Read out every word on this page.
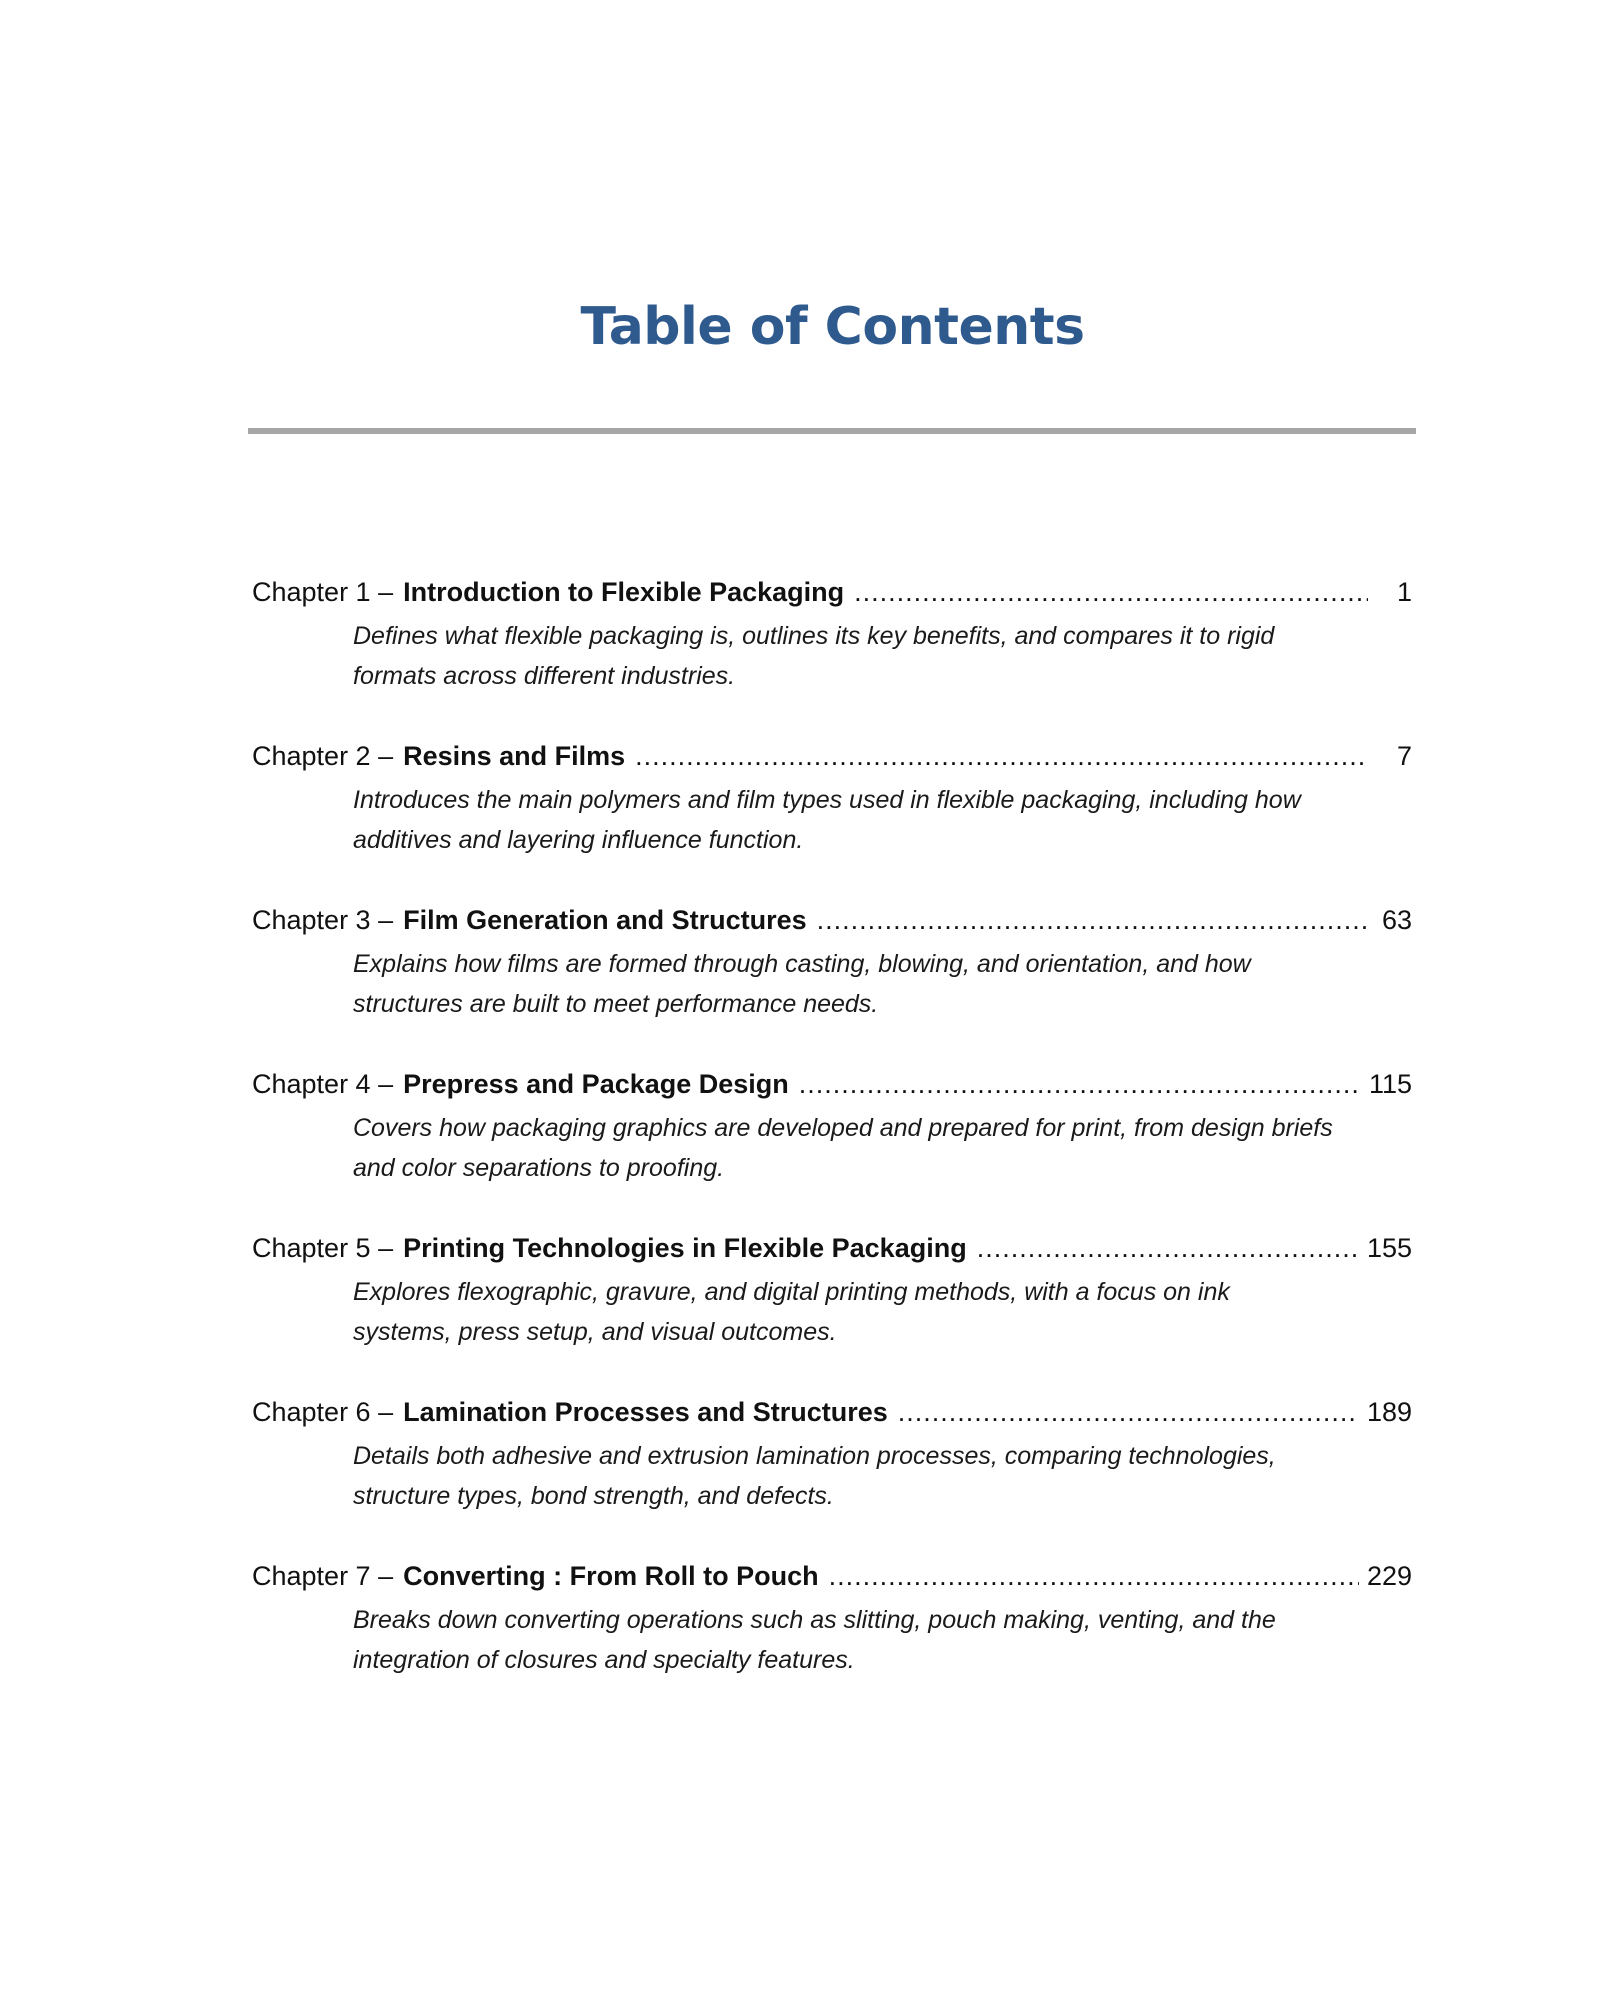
Table of Contents
Chapter 1 – Introduction to Flexible Packaging .....	1
Defines what flexible packaging is, outlines its key benefits, and compares it to rigid formats across different industries.
Chapter 2 – Resins and Films .....	7
Introduces the main polymers and film types used in flexible packaging, including how additives and layering influence function.
Chapter 3 – Film Generation and Structures .....	63
Explains how films are formed through casting, blowing, and orientation, and how structures are built to meet performance needs.
Chapter 4 – Prepress and Package Design .....	115
Covers how packaging graphics are developed and prepared for print, from design briefs and color separations to proofing.
Chapter 5 – Printing Technologies in Flexible Packaging .....	155
Explores flexographic, gravure, and digital printing methods, with a focus on ink systems, press setup, and visual outcomes.
Chapter 6 – Lamination Processes and Structures .....	189
Details both adhesive and extrusion lamination processes, comparing technologies, structure types, bond strength, and defects.
Chapter 7 – Converting : From Roll to Pouch .....	229
Breaks down converting operations such as slitting, pouch making, venting, and the integration of closures and specialty features.
